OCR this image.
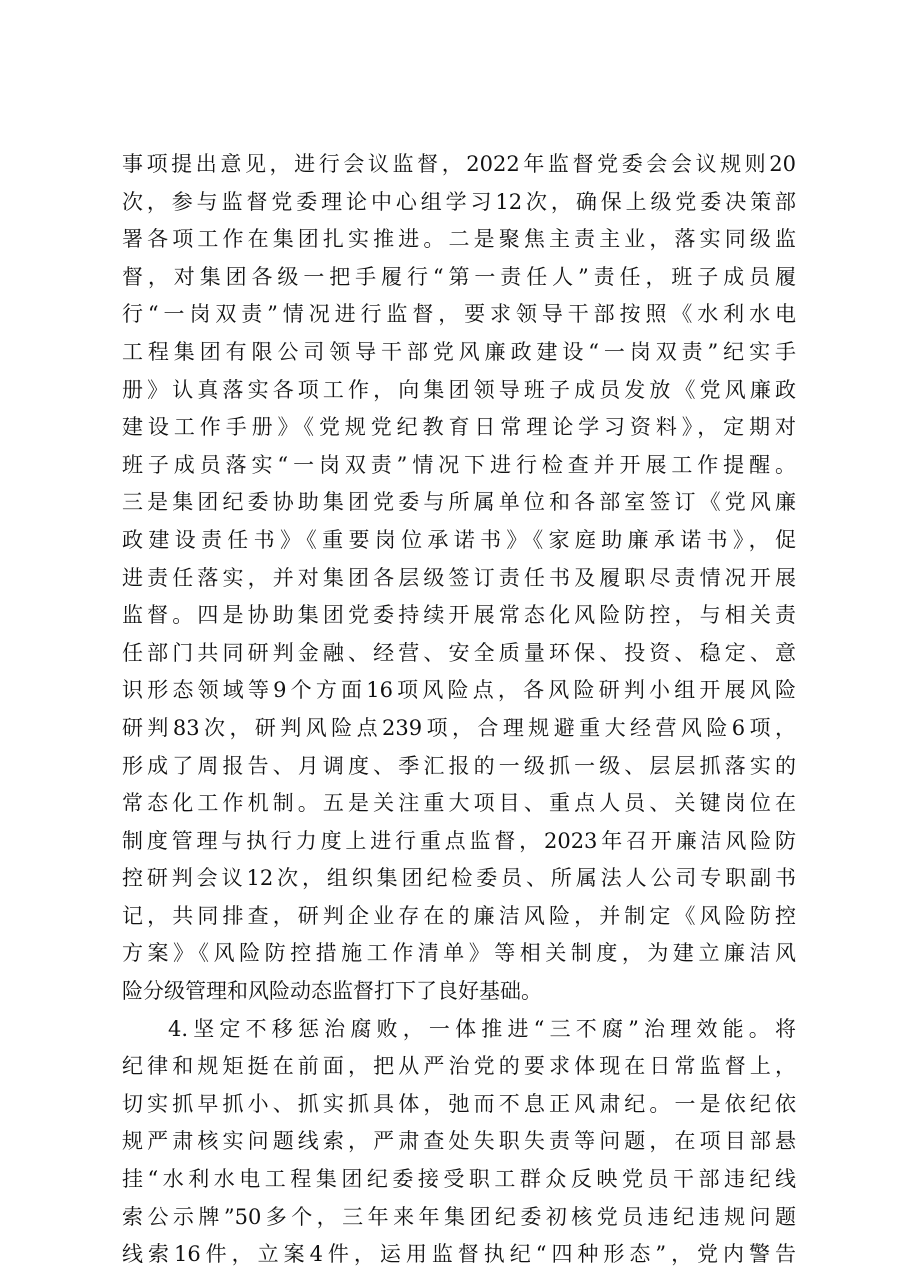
事项提出意见，进行会议监督，2022年监督党委会会议规则20
次，参与监督党委理论中心组学习12次，确保上级党委决策部
署各项工作在集团扎实推进。二是聚焦主责主业，落实同级监
督，对集团各级一把手履行“第一责任人”责任，班子成员履
行“一岗双责”情况进行监督，要求领导干部按照《水利水电
工程集团有限公司领导干部党风廉政建设“一岗双责”纪实手
册》认真落实各项工作，向集团领导班子成员发放《党风廉政
建设工作手册》《党规党纪教育日常理论学习资料》，定期对
班子成员落实“一岗双责”情况下进行检查并开展工作提醒。
三是集团纪委协助集团党委与所属单位和各部室签订《党风廉
政建设责任书》《重要岗位承诺书》《家庭助廉承诺书》，促
进责任落实，并对集团各层级签订责任书及履职尽责情况开展
监督。四是协助集团党委持续开展常态化风险防控，与相关责
任部门共同研判金融、经营、安全质量环保、投资、稳定、意
识形态领域等9个方面16项风险点，各风险研判小组开展风险
研判83次，研判风险点239项，合理规避重大经营风险6项，
形成了周报告、月调度、季汇报的一级抓一级、层层抓落实的
常态化工作机制。五是关注重大项目、重点人员、关键岗位在
制度管理与执行力度上进行重点监督，2023年召开廉洁风险防
控研判会议12次，组织集团纪检委员、所属法人公司专职副书
记，共同排查，研判企业存在的廉洁风险，并制定《风险防控
方案》《风险防控措施工作清单》等相关制度，为建立廉洁风
险分级管理和风险动态监督打下了良好基础。
4.坚定不移惩治腐败，一体推进“三不腐”治理效能。将
纪律和规矩挺在前面，把从严治党的要求体现在日常监督上，
切实抓早抓小、抓实抓具体，弛而不息正风肃纪。一是依纪依
规严肃核实问题线索，严肃查处失职失责等问题，在项目部悬
挂“水利水电工程集团纪委接受职工群众反映党员干部违纪线
索公示牌”50多个，三年来年集团纪委初核党员违纪违规问题
线索16件，立案4件，运用监督执纪“四种形态”，党内警告
